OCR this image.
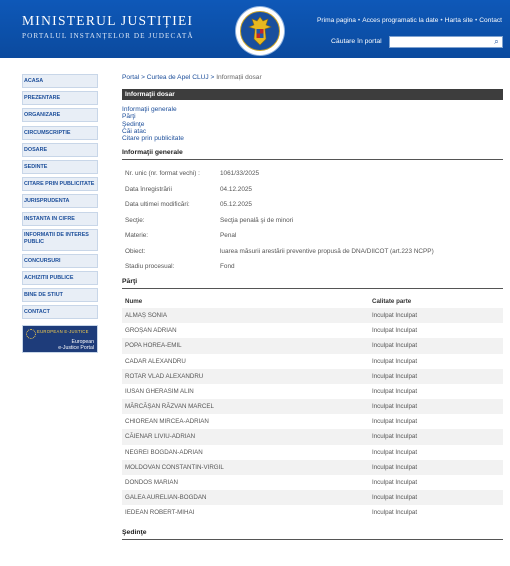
MINISTERUL JUSTIȚIEI
PORTALUL INSTANȚELOR DE JUDECATĂ
Prima pagina • Acces programatic la date • Harta site • Contact
Căutare în portal	⌕
ACASA
PREZENTARE
ORGANIZARE
CIRCUMSCRIPTIE
DOSARE
SEDINTE
CITARE PRIN PUBLICITATE
JURISPRUDENTA
INSTANTA IN CIFRE
INFORMATII DE INTERES PUBLIC
CONCURSURI
ACHIZITII PUBLICE
BINE DE STIUT
CONTACT
EUROPEAN E-JUSTICE
European
e-Justice Portal
Portal > Curtea de Apel CLUJ > Informații dosar
Informaţii dosar
Informaţii generale
Părţi
Şedinţe
Căi atac
Citare prin publicitate
Informaţii generale
Nr. unic (nr. format vechi) :	1061/33/2025
Data înregistrării	04.12.2025
Data ultimei modificări:	05.12.2025
Secţie:	Secţia penală şi de minori
Materie:	Penal
Obiect:	luarea măsurii arestării preventive propusă de DNA/DIICOT (art.223 NCPP)
Stadiu procesual:	Fond
Părţi
Nume	Calitate parte
ALMAȘ SONIA	Inculpat Inculpat
GROȘAN ADRIAN	Inculpat Inculpat
POPA HOREA-EMIL	Inculpat Inculpat
CADAR ALEXANDRU	Inculpat Inculpat
ROTAR VLAD ALEXANDRU	Inculpat Inculpat
IUSAN GHERASIM ALIN	Inculpat Inculpat
MĂRCĂȘAN RĂZVAN MARCEL	Inculpat Inculpat
CHIOREAN MIRCEA-ADRIAN	Inculpat Inculpat
CĂIENAR LIVIU-ADRIAN	Inculpat Inculpat
NEGREI BOGDAN-ADRIAN	Inculpat Inculpat
MOLDOVAN CONSTANTIN-VIRGIL	Inculpat Inculpat
DONDOS MARIAN	Inculpat Inculpat
GALEA AURELIAN-BOGDAN	Inculpat Inculpat
IEDEAN ROBERT-MIHAI	Inculpat Inculpat
Şedinţe
